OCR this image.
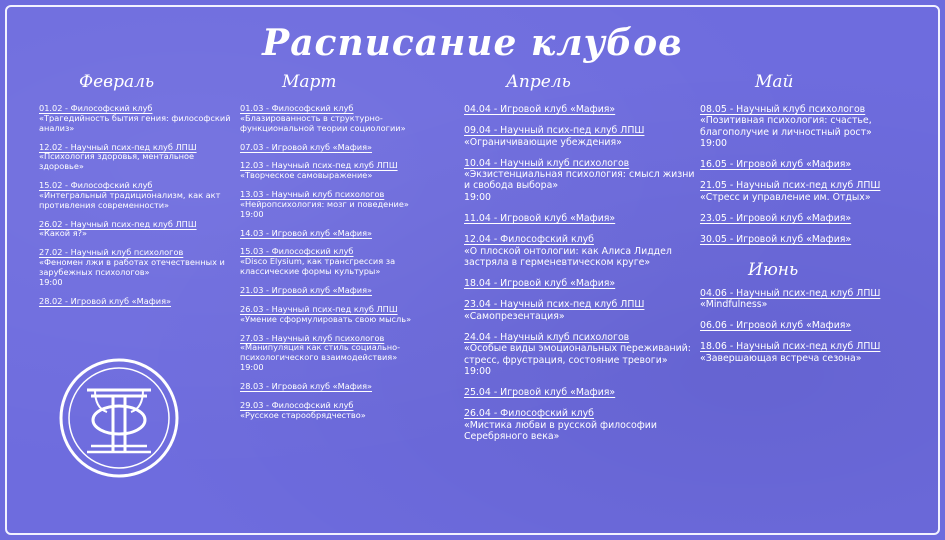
Расписание клубов
Февраль
01.02 - Философский клуб
«Трагедийность бытия гения: философский анализ»
12.02 - Научный псих-пед клуб ЛПШ
«Психология здоровья, ментальное здоровье»
15.02 - Философский клуб
«Интегральный традиционализм, как акт противления современности»
26.02 - Научный псих-пед клуб ЛПШ
«Какой я?»
27.02 - Научный клуб психологов
«Феномен лжи в работах отечественных и зарубежных психологов»
19:00
28.02 - Игровой клуб «Мафия»
Март
01.03 - Философский клуб
«Блазированность в структурно-функциональной теории социологии»
07.03 - Игровой клуб «Мафия»
12.03 - Научный псих-пед клуб ЛПШ
«Творческое самовыражение»
13.03 - Научный клуб психологов
«Нейропсихология: мозг и поведение»
19:00
14.03 - Игровой клуб «Мафия»
15.03 - Философский клуб
«Disco Elysium, как трансгрессия за классические формы культуры»
21.03 - Игровой клуб «Мафия»
26.03 - Научный псих-пед клуб ЛПШ
«Умение сформулировать свою мысль»
27.03 - Научный клуб психологов
«Манипуляция как стиль социально-психологического взаимодействия»
19:00
28.03 - Игровой клуб «Мафия»
29.03 - Философский клуб
«Русское старообрядчество»
Апрель
04.04 - Игровой клуб «Мафия»
09.04 - Научный псих-пед клуб ЛПШ
«Ограничивающие убеждения»
10.04 - Научный клуб психологов
«Экзистенциальная психология: смысл жизни и свобода выбора»
19:00
11.04 - Игровой клуб «Мафия»
12.04 - Философский клуб
«О плоской онтологии: как Алиса Лиддел застряла в герменевтическом круге»
18.04 - Игровой клуб «Мафия»
23.04 - Научный псих-пед клуб ЛПШ
«Самопрезентация»
24.04 - Научный клуб психологов
«Особые виды эмоциональных переживаний: стресс, фрустрация, состояние тревоги»
19:00
25.04 - Игровой клуб «Мафия»
26.04 - Философский клуб
«Мистика любви в русской философии Серебряного века»
Май
08.05 - Научный клуб психологов
«Позитивная психология: счастье, благополучие и личностный рост»
19:00
16.05 - Игровой клуб «Мафия»
21.05 - Научный псих-пед клуб ЛПШ
«Стресс и управление им. Отдых»
23.05 - Игровой клуб «Мафия»
30.05 - Игровой клуб «Мафия»
Июнь
04.06 - Научный псих-пед клуб ЛПШ
«Mindfulness»
06.06 - Игровой клуб «Мафия»
18.06 - Научный псих-пед клуб ЛПШ
«Завершающая встреча сезона»
